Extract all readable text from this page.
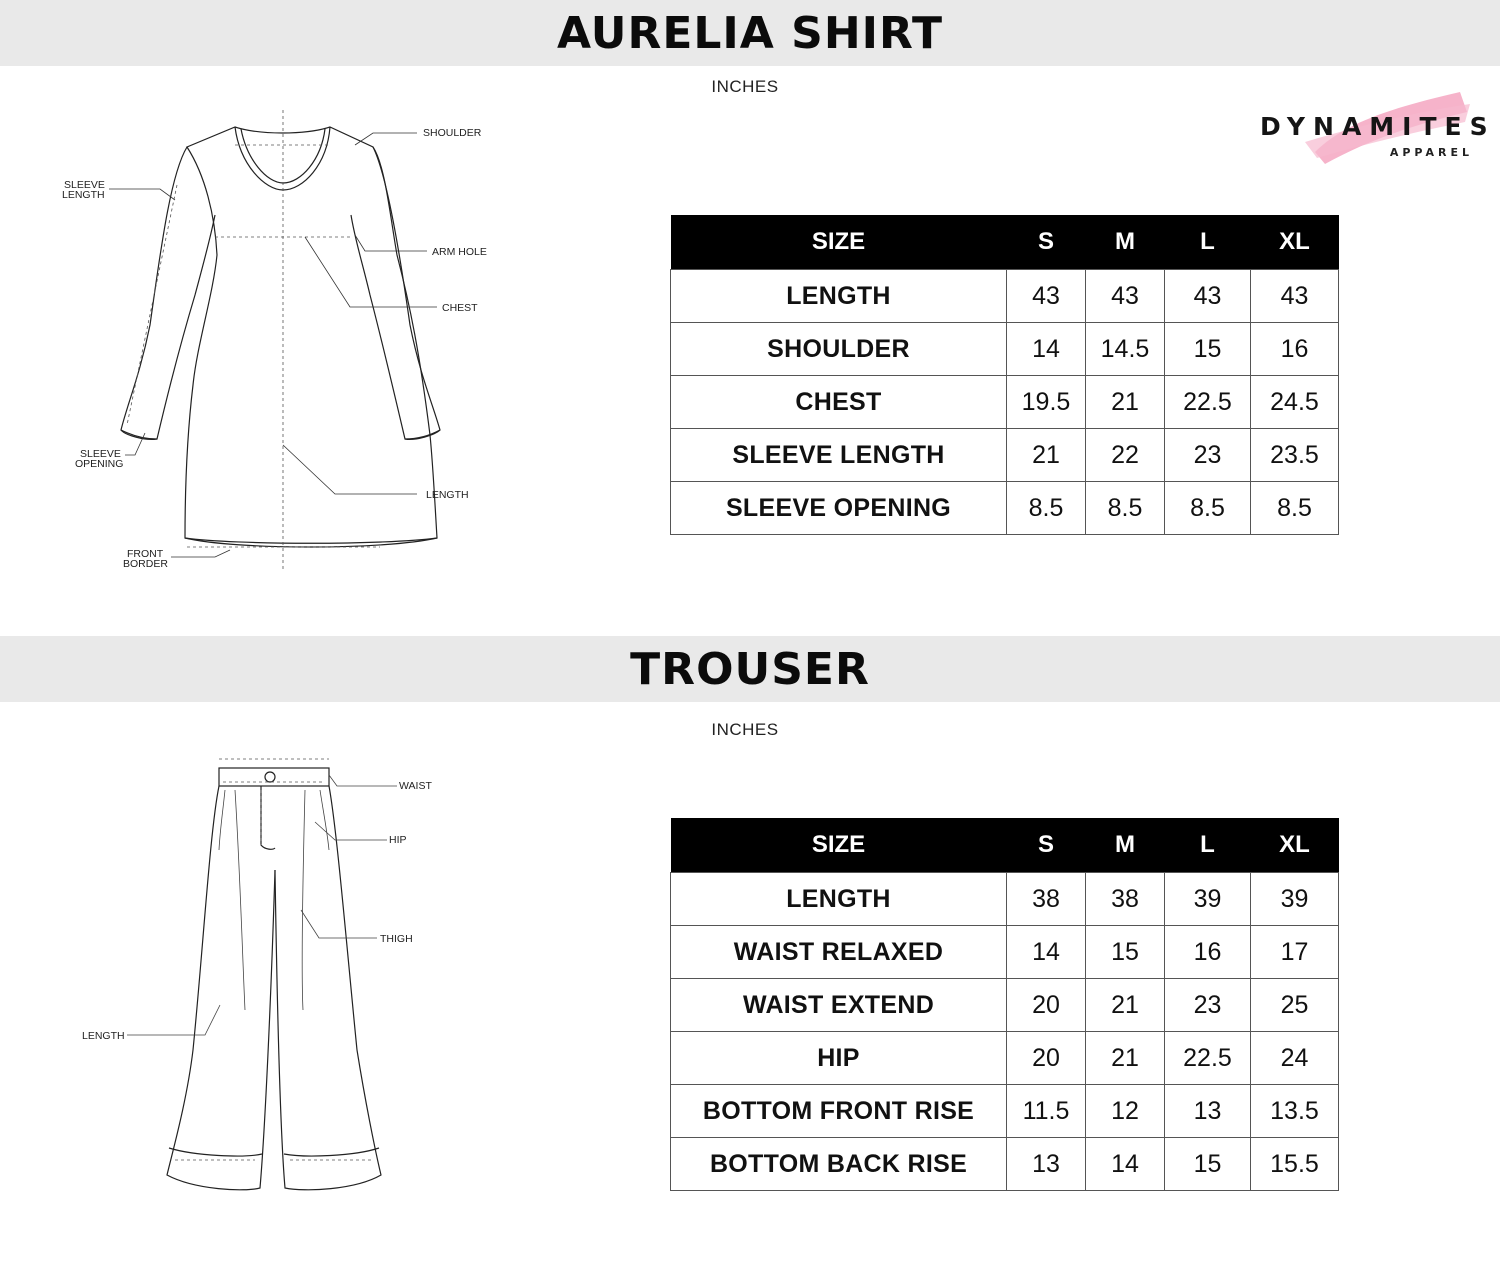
AURELIA SHIRT
INCHES
DYNAMITES
APPAREL
SHOULDER
SLEEVE
LENGTH
ARM HOLE
CHEST
SLEEVE
OPENING
LENGTH
FRONT
BORDER
SIZE	S	M	L	XL
LENGTH	43	43	43	43
SHOULDER	14	14.5	15	16
CHEST	19.5	21	22.5	24.5
SLEEVE LENGTH	21	22	23	23.5
SLEEVE OPENING	8.5	8.5	8.5	8.5
TROUSER
INCHES
WAIST
HIP
THIGH
LENGTH
SIZE	S	M	L	XL
LENGTH	38	38	39	39
WAIST RELAXED	14	15	16	17
WAIST EXTEND	20	21	23	25
HIP	20	21	22.5	24
BOTTOM FRONT RISE	11.5	12	13	13.5
BOTTOM BACK RISE	13	14	15	15.5
